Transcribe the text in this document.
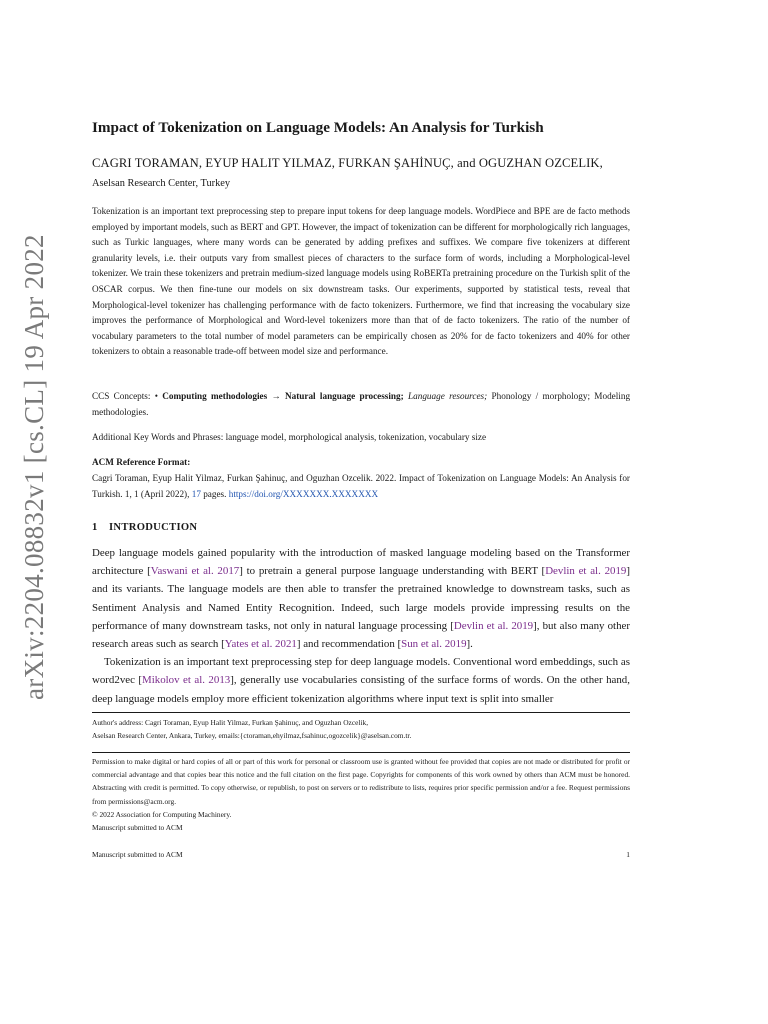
arXiv:2204.08832v1 [cs.CL] 19 Apr 2022
Impact of Tokenization on Language Models: An Analysis for Turkish
CAGRI TORAMAN, EYUP HALIT YILMAZ, FURKAN ŞAHİNUÇ, and OGUZHAN OZCELIK,
Aselsan Research Center, Turkey

Tokenization is an important text preprocessing step to prepare input tokens for deep language models. WordPiece and BPE are de facto methods employed by important models, such as BERT and GPT. However, the impact of tokenization can be different for morphologically rich languages, such as Turkic languages, where many words can be generated by adding prefixes and suffixes. We compare five tokenizers at different granularity levels, i.e. their outputs vary from smallest pieces of characters to the surface form of words, including a Morphological-level tokenizer. We train these tokenizers and pretrain medium-sized language models using RoBERTa pretraining procedure on the Turkish split of the OSCAR corpus. We then fine-tune our models on six downstream tasks. Our experiments, supported by statistical tests, reveal that Morphological-level tokenizer has challenging performance with de facto tokenizers. Furthermore, we find that increasing the vocabulary size improves the performance of Morphological and Word-level tokenizers more than that of de facto tokenizers. The ratio of the number of vocabulary parameters to the total number of model parameters can be empirically chosen as 20% for de facto tokenizers and 40% for other tokenizers to obtain a reasonable trade-off between model size and performance.

CCS Concepts: • Computing methodologies → Natural language processing; Language resources; Phonology / morphology; Modeling methodologies.

Additional Key Words and Phrases: language model, morphological analysis, tokenization, vocabulary size

ACM Reference Format:

Cagri Toraman, Eyup Halit Yilmaz, Furkan Şahinuç, and Oguzhan Ozcelik. 2022. Impact of Tokenization on Language Models: An Analysis for Turkish. 1, 1 (April 2022), 17 pages. https://doi.org/XXXXXXX.XXXXXXX

1 INTRODUCTION

Deep language models gained popularity with the introduction of masked language modeling based on the Transformer architecture [Vaswani et al. 2017] to pretrain a general purpose language understanding with BERT [Devlin et al. 2019] and its variants. The language models are then able to transfer the pretrained knowledge to downstream tasks, such as Sentiment Analysis and Named Entity Recognition. Indeed, such large models provide impressing results on the performance of many downstream tasks, not only in natural language processing [Devlin et al. 2019], but also many other research areas such as search [Yates et al. 2021] and recommendation [Sun et al. 2019].
Tokenization is an important text preprocessing step for deep language models. Conventional word embeddings, such as word2vec [Mikolov et al. 2013], generally use vocabularies consisting of the surface forms of words. On the other hand, deep language models employ more efficient tokenization algorithms where input text is split into smaller

Author's address: Cagri Toraman, Eyup Halit Yilmaz, Furkan Şahinuç, and Oguzhan Ozcelik,
Aselsan Research Center, Ankara, Turkey, emails:{ctoraman,ehyilmaz,fsahinuc,ogozcelik}@aselsan.com.tr.

Permission to make digital or hard copies of all or part of this work for personal or classroom use is granted without fee provided that copies are not made or distributed for profit or commercial advantage and that copies bear this notice and the full citation on the first page. Copyrights for components of this work owned by others than ACM must be honored. Abstracting with credit is permitted. To copy otherwise, or republish, to post on servers or to redistribute to lists, requires prior specific permission and/or a fee. Request permissions from permissions@acm.org.

© 2022 Association for Computing Machinery.
Manuscript submitted to ACM
Manuscript submitted to ACM	1
